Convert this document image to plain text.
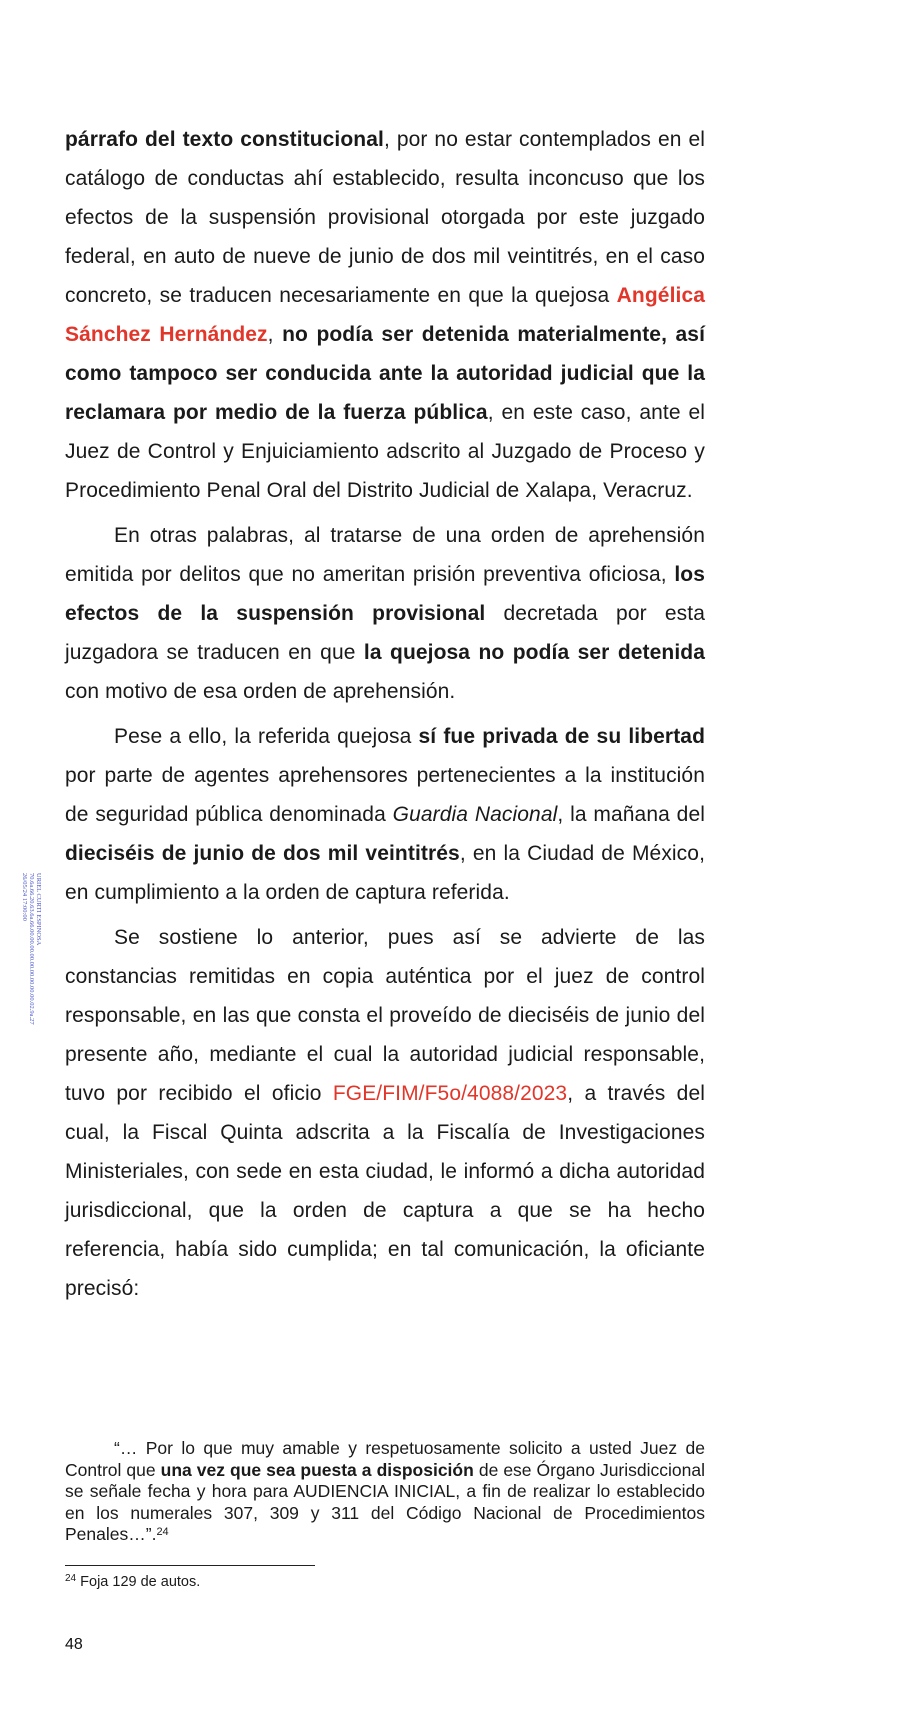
párrafo del texto constitucional, por no estar contemplados en el catálogo de conductas ahí establecido, resulta inconcuso que los efectos de la suspensión provisional otorgada por este juzgado federal, en auto de nueve de junio de dos mil veintitrés, en el caso concreto, se traducen necesariamente en que la quejosa Angélica Sánchez Hernández, no podía ser detenida materialmente, así como tampoco ser conducida ante la autoridad judicial que la reclamara por medio de la fuerza pública, en este caso, ante el Juez de Control y Enjuiciamiento adscrito al Juzgado de Proceso y Procedimiento Penal Oral del Distrito Judicial de Xalapa, Veracruz.

En otras palabras, al tratarse de una orden de aprehensión emitida por delitos que no ameritan prisión preventiva oficiosa, los efectos de la suspensión provisional decretada por esta juzgadora se traducen en que la quejosa no podía ser detenida con motivo de esa orden de aprehensión.

Pese a ello, la referida quejosa sí fue privada de su libertad por parte de agentes aprehensores pertenecientes a la institución de seguridad pública denominada Guardia Nacional, la mañana del dieciséis de junio de dos mil veintitrés, en la Ciudad de México, en cumplimiento a la orden de captura referida.

Se sostiene lo anterior, pues así se advierte de las constancias remitidas en copia auténtica por el juez de control responsable, en las que consta el proveído de dieciséis de junio del presente año, mediante el cual la autoridad judicial responsable, tuvo por recibido el oficio FGE/FIM/F5o/4088/2023, a través del cual, la Fiscal Quinta adscrita a la Fiscalía de Investigaciones Ministeriales, con sede en esta ciudad, le informó a dicha autoridad jurisdiccional, que la orden de captura a que se ha hecho referencia, había sido cumplida; en tal comunicación, la oficiante precisó:

“… Por lo que muy amable y respetuosamente solicito a usted Juez de Control que una vez que sea puesta a disposición de ese Órgano Jurisdiccional se señale fecha y hora para AUDIENCIA INICIAL, a fin de realizar lo establecido en los numerales 307, 309 y 311 del Código Nacional de Procedimientos Penales…”.$^{24}$
$^{24}$ Foja 129 de autos.
48
URIEL CURTI ESPINOSA
70.6a.66.20.63.6a.66.00.00.00.00.00.00.00.00.00.02.9a.27
26/05/24 17:00:00
